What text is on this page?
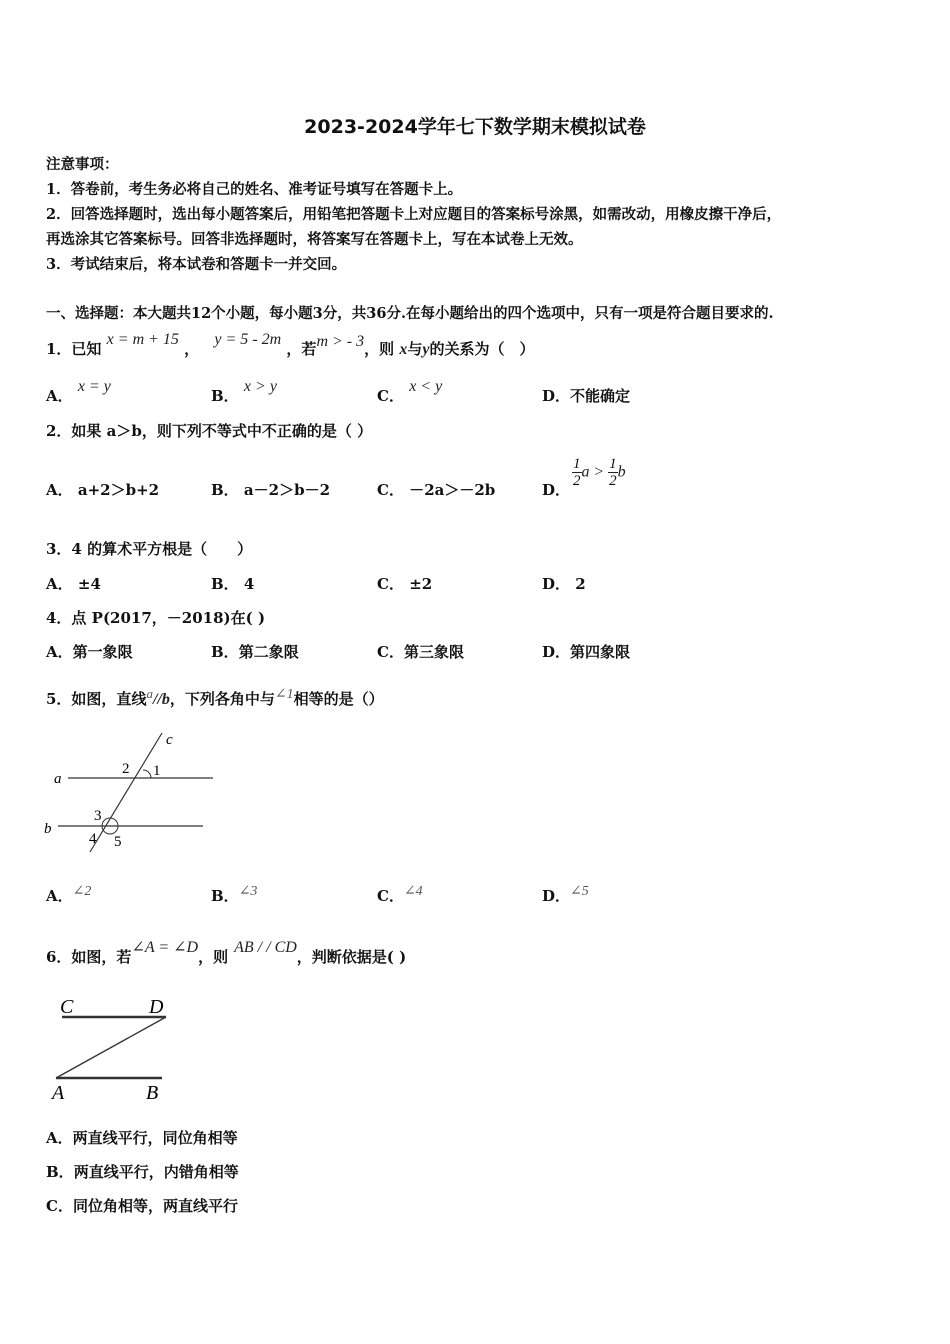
2023-2024学年七下数学期末模拟试卷
注意事项：
1．答卷前，考生务必将自己的姓名、准考证号填写在答题卡上。
2．回答选择题时，选出每小题答案后，用铅笔把答题卡上对应题目的答案标号涂黑，如需改动，用橡皮擦干净后，
再选涂其它答案标号。回答非选择题时，将答案写在答题卡上，写在本试卷上无效。
3．考试结束后，将本试卷和答题卡一并交回。
一、选择题：本大题共12个小题，每小题3分，共36分.在每小题给出的四个选项中，只有一项是符合题目要求的.
1．已知 x = m + 15 ， y = 5 - 2m ，若m > - 3，则 x与y的关系为（　）
A． x = y
B． x > y
C． x < y
D．不能确定
2．如果 a＞b，则下列不等式中不正确的是（ ）
A． a+2＞b+2	B． a－2＞b－2	C． －2a＞－2b	D．
$\frac{1}{2}$ $a > \frac{1}{2}$ b
3．4 的算术平方根是（　　）
A． ±4	B． 4	C． ±2	D． 2
4．点 P(2017，－2018)在( )
A．第一象限	B．第二象限	C．第三象限	D．第四象限
5．如图，直线a//b，下列各角中与∠1相等的是（）
a
b
c
1
2
3
4 5
A．∠2	B．∠3	C．∠4	D．∠5
6．如图，若∠A = ∠D，则AB / / CD，判断依据是( )
C	D
A	B
A．两直线平行，同位角相等
B．两直线平行，内错角相等
C．同位角相等，两直线平行
